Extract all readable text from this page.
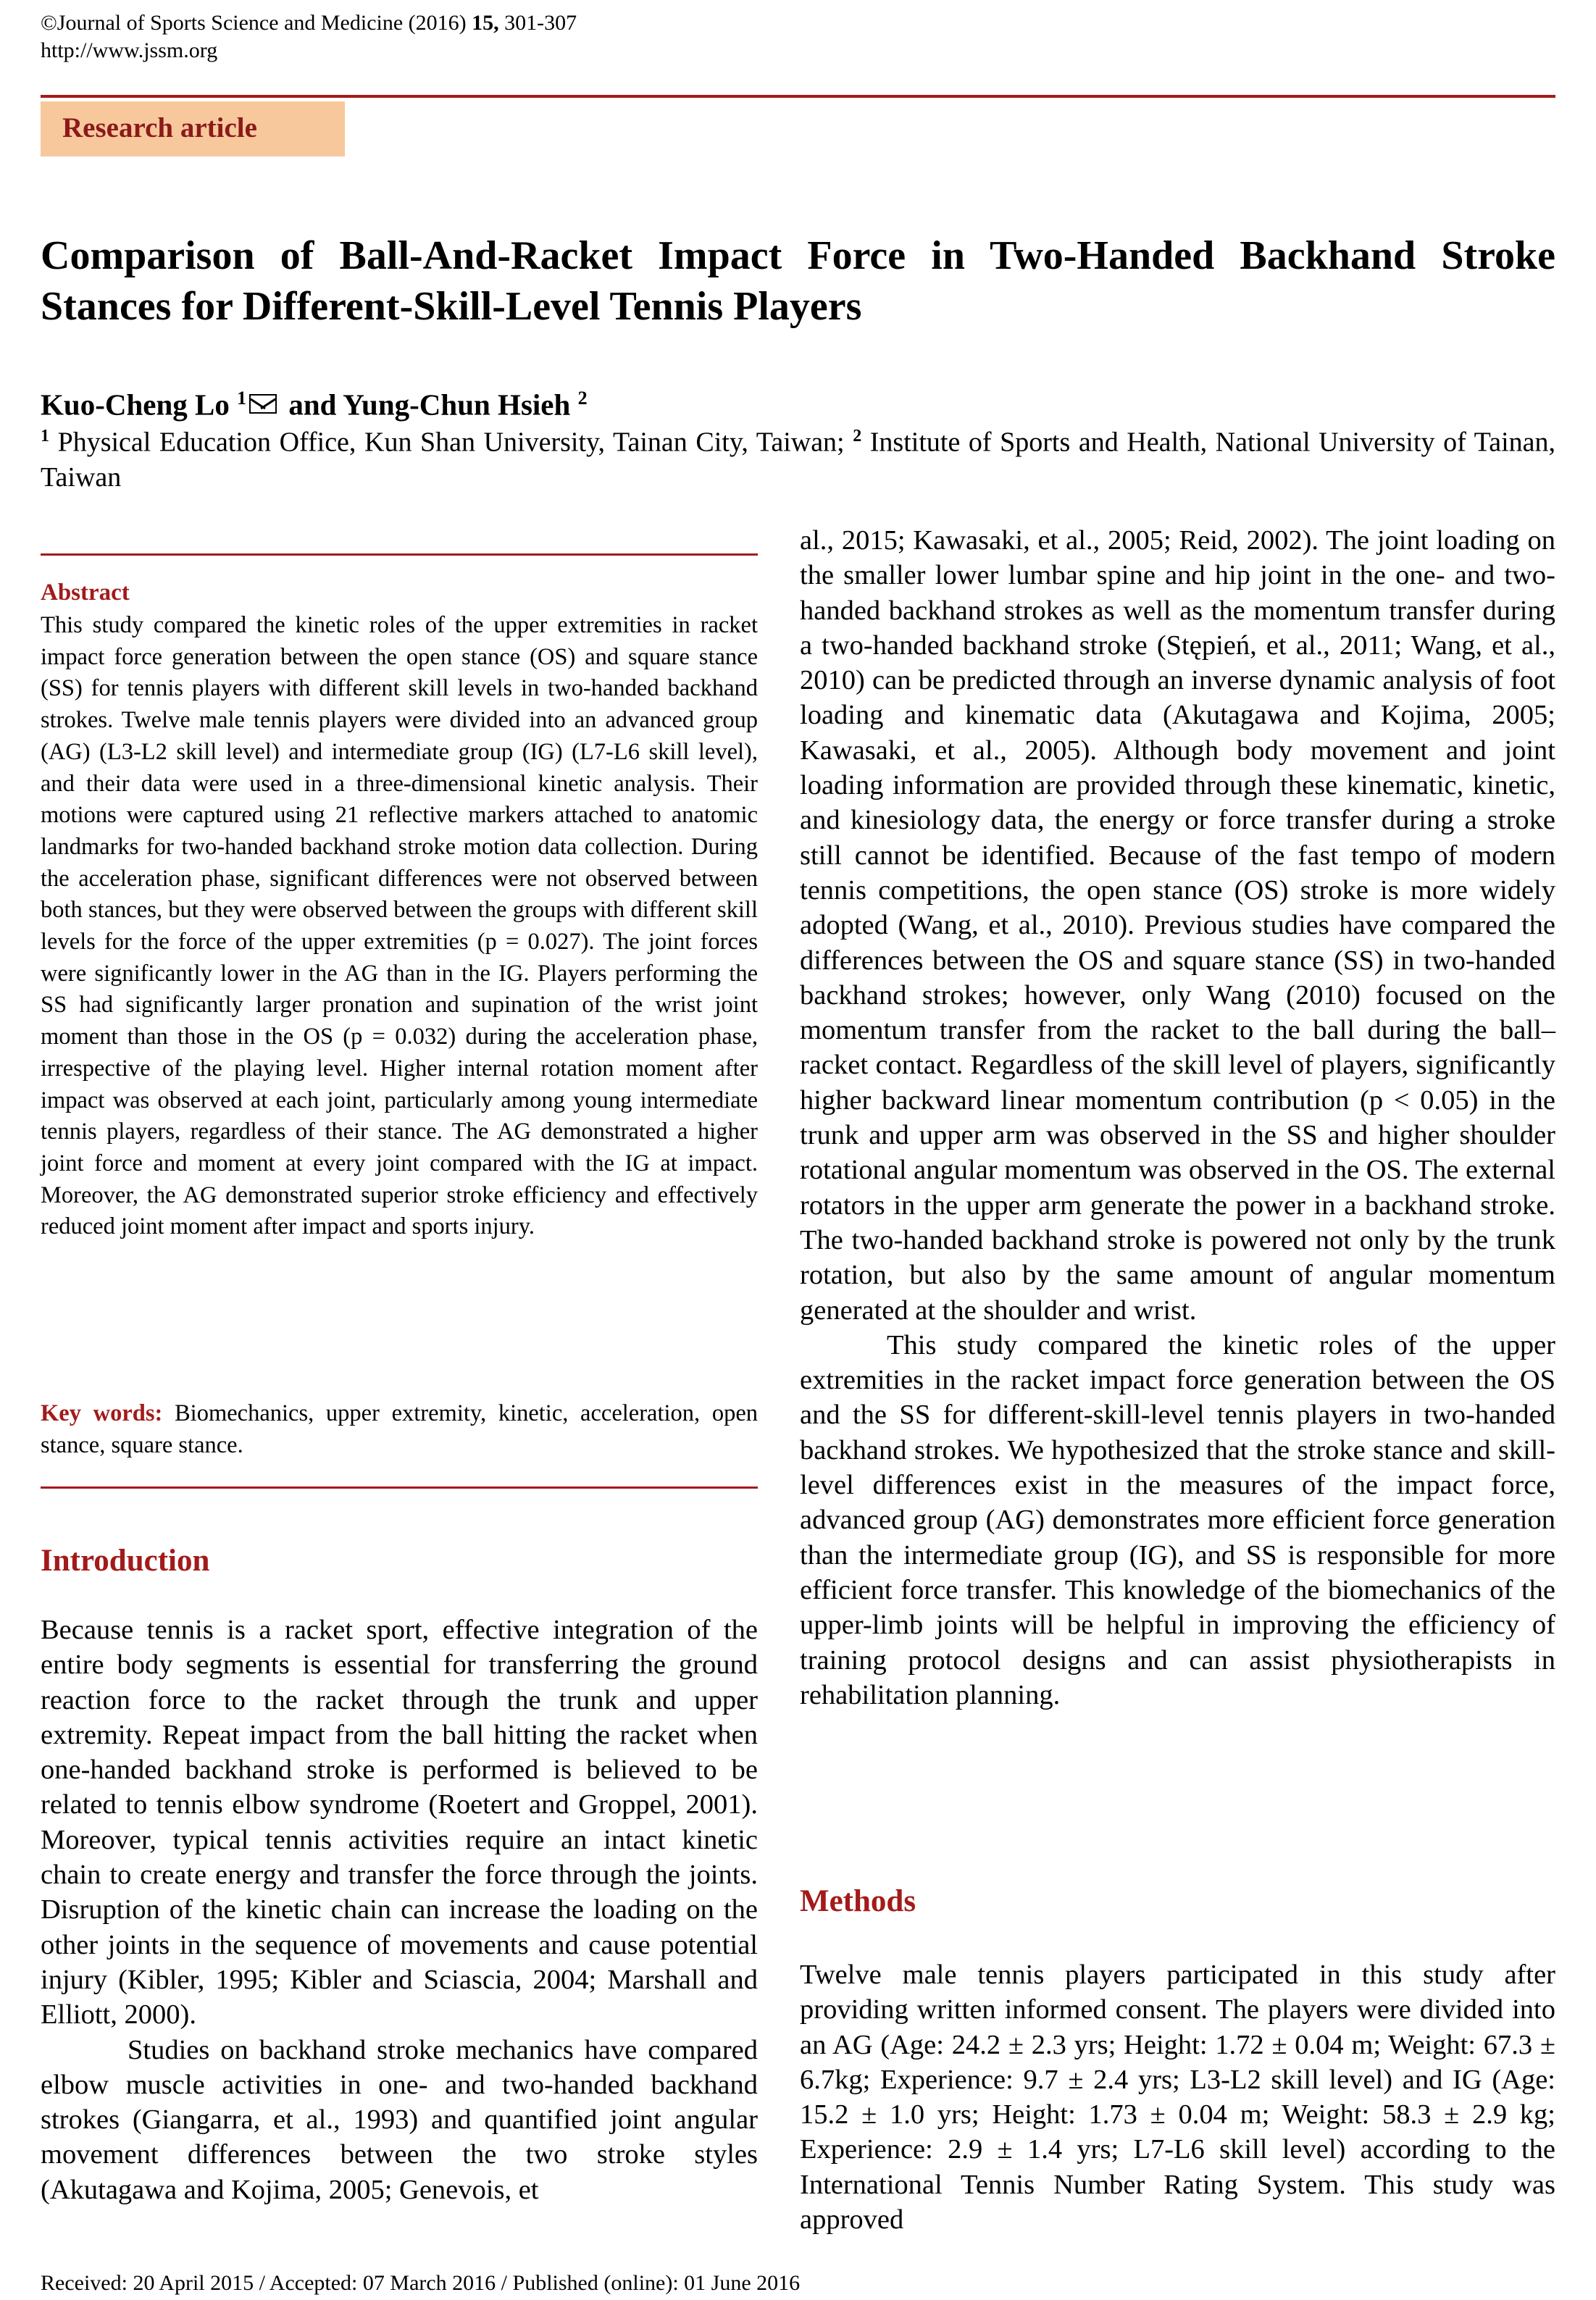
©Journal of Sports Science and Medicine (2016) 15, 301-307
http://www.jssm.org
Research article
Comparison of Ball-And-Racket Impact Force in Two-Handed Backhand Stroke Stances for Different-Skill-Level Tennis Players
Kuo-Cheng Lo $^1$ and Yung-Chun Hsieh $^2$
$^1$ Physical Education Office, Kun Shan University, Tainan City, Taiwan; $^2$ Institute of Sports and Health, National University of Tainan, Taiwan
Abstract
This study compared the kinetic roles of the upper extremities in racket impact force generation between the open stance (OS) and square stance (SS) for tennis players with different skill levels in two-handed backhand strokes. Twelve male tennis players were divided into an advanced group (AG) (L3-L2 skill level) and intermediate group (IG) (L7-L6 skill level), and their data were used in a three-dimensional kinetic analysis. Their motions were captured using 21 reflective markers attached to anatomic landmarks for two-handed backhand stroke motion data collection. During the acceleration phase, significant differences were not observed between both stances, but they were observed between the groups with different skill levels for the force of the upper extremities (p = 0.027). The joint forces were significantly lower in the AG than in the IG. Players performing the SS had significantly larger pronation and supination of the wrist joint moment than those in the OS (p = 0.032) during the acceleration phase, irrespective of the playing level. Higher internal rotation moment after impact was observed at each joint, particularly among young intermediate tennis players, regardless of their stance. The AG demonstrated a higher joint force and moment at every joint compared with the IG at impact. Moreover, the AG demonstrated superior stroke efficiency and effectively reduced joint moment after impact and sports injury.
Key words: Biomechanics, upper extremity, kinetic, acceleration, open stance, square stance.
Introduction

Because tennis is a racket sport, effective integration of the entire body segments is essential for transferring the ground reaction force to the racket through the trunk and upper extremity. Repeat impact from the ball hitting the racket when one-handed backhand stroke is performed is believed to be related to tennis elbow syndrome (Roetert and Groppel, 2001). Moreover, typical tennis activities require an intact kinetic chain to create energy and transfer the force through the joints. Disruption of the kinetic chain can increase the loading on the other joints in the sequence of movements and cause potential injury (Kibler, 1995; Kibler and Sciascia, 2004; Marshall and Elliott, 2000).

Studies on backhand stroke mechanics have compared elbow muscle activities in one- and two-handed backhand strokes (Giangarra, et al., 1993) and quantified joint angular movement differences between the two stroke styles (Akutagawa and Kojima, 2005; Genevois, et

al., 2015; Kawasaki, et al., 2005; Reid, 2002). The joint loading on the smaller lower lumbar spine and hip joint in the one- and two-handed backhand strokes as well as the momentum transfer during a two-handed backhand stroke (Stępień, et al., 2011; Wang, et al., 2010) can be predicted through an inverse dynamic analysis of foot loading and kinematic data (Akutagawa and Kojima, 2005; Kawasaki, et al., 2005). Although body movement and joint loading information are provided through these kinematic, kinetic, and kinesiology data, the energy or force transfer during a stroke still cannot be identified. Because of the fast tempo of modern tennis competitions, the open stance (OS) stroke is more widely adopted (Wang, et al., 2010). Previous studies have compared the differences between the OS and square stance (SS) in two-handed backhand strokes; however, only Wang (2010) focused on the momentum transfer from the racket to the ball during the ball–racket contact. Regardless of the skill level of players, significantly higher backward linear momentum contribution (p < 0.05) in the trunk and upper arm was observed in the SS and higher shoulder rotational angular momentum was observed in the OS. The external rotators in the upper arm generate the power in a backhand stroke. The two-handed backhand stroke is powered not only by the trunk rotation, but also by the same amount of angular momentum generated at the shoulder and wrist.

This study compared the kinetic roles of the upper extremities in the racket impact force generation between the OS and the SS for different-skill-level tennis players in two-handed backhand strokes. We hypothesized that the stroke stance and skill-level differences exist in the measures of the impact force, advanced group (AG) demonstrates more efficient force generation than the intermediate group (IG), and SS is responsible for more efficient force transfer. This knowledge of the biomechanics of the upper-limb joints will be helpful in improving the efficiency of training protocol designs and can assist physiotherapists in rehabilitation planning.

Methods
Twelve male tennis players participated in this study after providing written informed consent. The players were divided into an AG (Age: 24.2 ± 2.3 yrs; Height: 1.72 ± 0.04 m; Weight: 67.3 ± 6.7kg; Experience: 9.7 ± 2.4 yrs; L3-L2 skill level) and IG (Age: 15.2 ± 1.0 yrs; Height: 1.73 ± 0.04 m; Weight: 58.3 ± 2.9 kg; Experience: 2.9 ± 1.4 yrs; L7-L6 skill level) according to the International Tennis Number Rating System. This study was approved
Received: 20 April 2015 / Accepted: 07 March 2016 / Published (online): 01 June 2016
